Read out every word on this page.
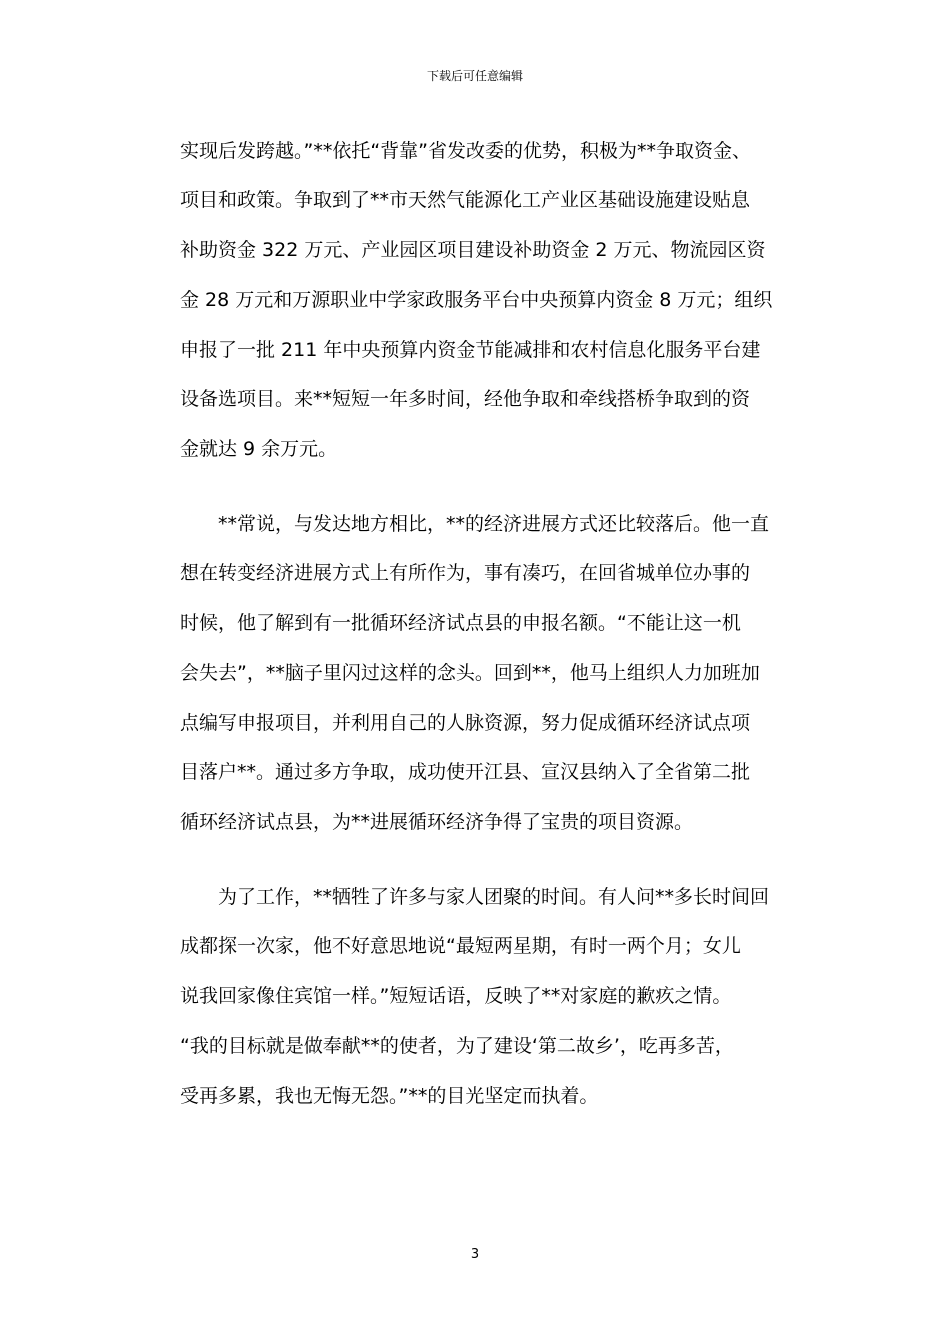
下载后可任意编辑
实现后发跨越。”**依托“背靠”省发改委的优势，积极为**争取资金、
项目和政策。争取到了**市天然气能源化工产业区基础设施建设贴息
补助资金 322 万元、产业园区项目建设补助资金 2 万元、物流园区资
金 28 万元和万源职业中学家政服务平台中央预算内资金 8 万元；组织
申报了一批 211 年中央预算内资金节能减排和农村信息化服务平台建
设备选项目。来**短短一年多时间，经他争取和牵线搭桥争取到的资
金就达 9 余万元。
**常说，与发达地方相比，**的经济进展方式还比较落后。他一直
想在转变经济进展方式上有所作为，事有凑巧，在回省城单位办事的
时候，他了解到有一批循环经济试点县的申报名额。“不能让这一机
会失去”，**脑子里闪过这样的念头。回到**，他马上组织人力加班加
点编写申报项目，并利用自己的人脉资源，努力促成循环经济试点项
目落户**。通过多方争取，成功使开江县、宣汉县纳入了全省第二批
循环经济试点县，为**进展循环经济争得了宝贵的项目资源。
为了工作，**牺牲了许多与家人团聚的时间。有人问**多长时间回
成都探一次家，他不好意思地说“最短两星期，有时一两个月；女儿
说我回家像住宾馆一样。”短短话语，反映了**对家庭的歉疚之情。
“我的目标就是做奉献**的使者，为了建设‘第二故乡’，吃再多苦，
受再多累，我也无悔无怨。”**的目光坚定而执着。
3
